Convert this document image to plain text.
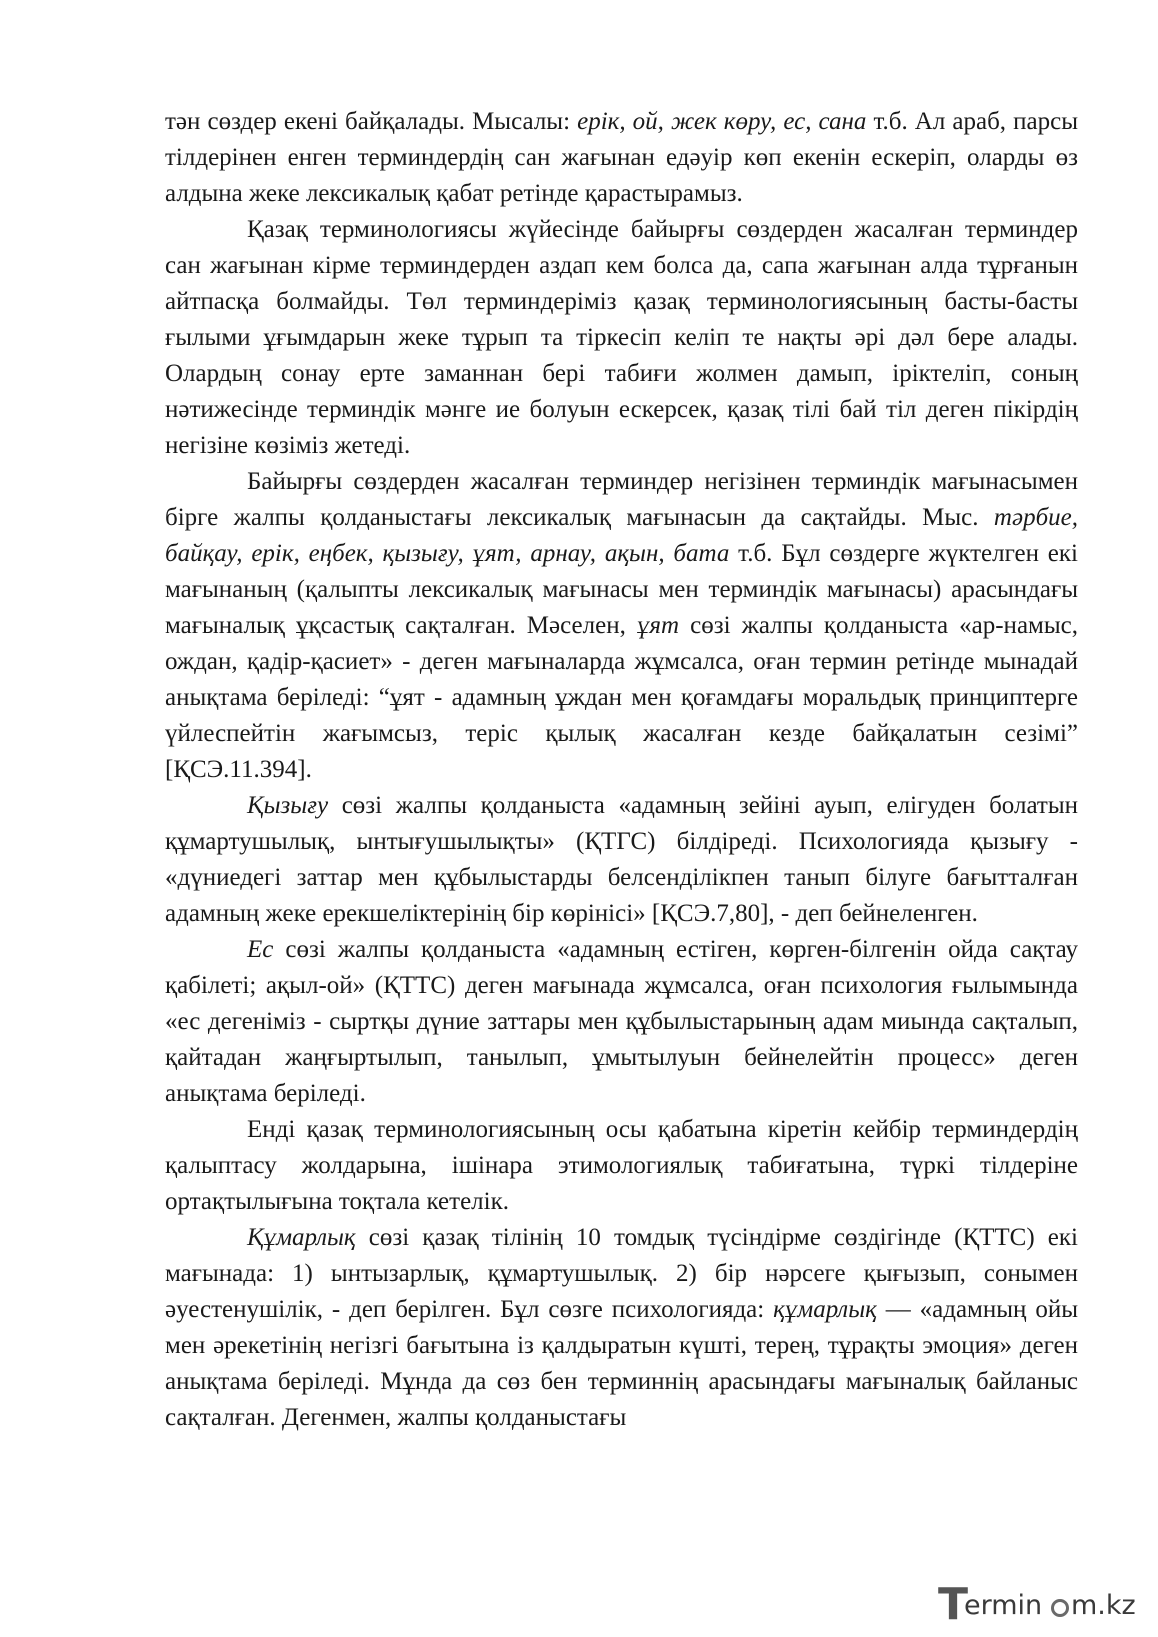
тән сөздер екені байқалады. Мысалы: ерік, ой, жек көру, ес, сана т.б. Ал араб, парсы тілдерінен енген терминдердің сан жағынан едәуір көп екенін ескеріп, оларды өз алдына жеке лексикалық қабат ретінде қарастырамыз.

Қазақ терминологиясы жүйесінде байырғы сөздерден жасалған терминдер сан жағынан кірме терминдерден аздап кем болса да, сапа жағынан алда тұрғанын айтпасқа болмайды. Төл терминдеріміз қазақ терминологиясының басты-басты ғылыми ұғымдарын жеке тұрып та тіркесіп келіп те нақты әрі дәл бере алады. Олардың сонау ерте заманнан бері табиғи жолмен дамып, іріктеліп, соның нәтижесінде терминдік мәнге ие болуын ескерсек, қазақ тілі бай тіл деген пікірдің негізіне көзіміз жетеді.

Байырғы сөздерден жасалған терминдер негізінен терминдік мағынасымен бірге жалпы қолданыстағы лексикалық мағынасын да сақтайды. Мыс. тәрбие, байқау, ерік, еңбек, қызығу, ұят, арнау, ақын, бата т.б. Бұл сөздерге жүктелген екі мағынаның (қалыпты лексикалық мағынасы мен терминдік мағынасы) арасындағы мағыналық ұқсастық сақталған. Мәселен, ұят сөзі жалпы қолданыста «ар-намыс, ождан, қадір-қасиет» - деген мағыналарда жұмсалса, оған термин ретінде мынадай анықтама беріледі: “ұят - адамның ұждан мен қоғамдағы моральдық принциптерге үйлеспейтін жағымсыз, теріс қылық жасалған кезде байқалатын сезімі” [ҚСЭ.11.394].

Қызығу сөзі жалпы қолданыста «адамның зейіні ауып, елігуден болатын құмартушылық, ынтығушылықты» (ҚТГС) білдіреді. Психологияда қызығу - «дүниедегі заттар мен құбылыстарды белсенділікпен танып білуге бағытталған адамның жеке ерекшеліктерінің бір көрінісі» [ҚСЭ.7,80], - деп бейнеленген.

Ес сөзі жалпы қолданыста «адамның естіген, көрген-білгенін ойда сақтау қабілеті; ақыл-ой» (ҚТТС) деген мағынада жұмсалса, оған психология ғылымында «ес дегеніміз - сыртқы дүние заттары мен құбылыстарының адам миында сақталып, қайтадан жаңғыртылып, танылып, ұмытылуын бейнелейтін процесс» деген анықтама беріледі.

Енді қазақ терминологиясының осы қабатына кіретін кейбір терминдердің қалыптасу жолдарына, ішінара этимологиялық табиғатына, түркі тілдеріне ортақтылығына тоқтала кетелік.

Құмарлық сөзі қазақ тілінің 10 томдық түсіндірме сөздігінде (ҚТТС) екі мағынада: 1) ынтызарлық, құмартушылық. 2) бір нәрсеге қығызып, сонымен әуестенушілік, - деп берілген. Бұл сөзге психологияда: құмарлық — «адамның ойы мен әрекетінің негізгі бағытына із қалдыратын күшті, терең, тұрақты эмоция» деген анықтама беріледі. Мұнда да сөз бен терминнің арасындағы мағыналық байланыс сақталған. Дегенмен, жалпы қолданыстағы

T
ermin m.kz
